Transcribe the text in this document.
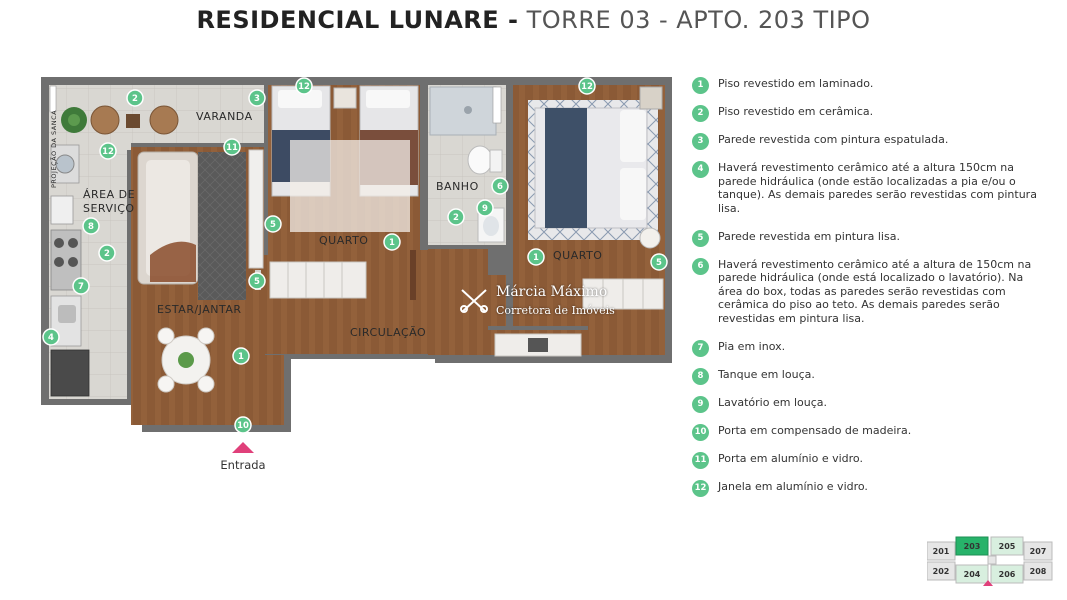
RESIDENCIAL LUNARE - TORRE 03 - APTO. 203 TIPO
VARANDA
ÁREA DE
SERVIÇO
PROJEÇÃO DA SANCA	BANHO
QUARTO
QUARTO
ESTAR/JANTAR
CIRCULAÇÃO
12	12
12
2
2
2
3
11
6
9
8	5
5
5
1
1
1
7
4
10
Márcia Máximo
Corretora de Imóveis
Entrada
1	Piso revestido em laminado.
2	Piso revestido em cerâmica.
3	Parede revestida com pintura espatulada.
4	Haverá revestimento cerâmico até a altura 150cm na parede hidráulica (onde estão localizadas a pia e/ou o tanque). As demais paredes serão revestidas com pintura lisa.
5	Parede revestida em pintura lisa.
6	Haverá revestimento cerâmico até a altura de 150cm na parede hidráulica (onde está localizado o lavatório). Na área do box, todas as paredes serão revestidas com cerâmica do piso ao teto. As demais paredes serão revestidas em pintura lisa.
7	Pia em inox.
8	Tanque em louça.
9	Lavatório em louça.
10 Porta em compensado de madeira.
11 Porta em alumínio e vidro.
12 Janela em alumínio e vidro.
201
202
203
204
205
206
207
208
